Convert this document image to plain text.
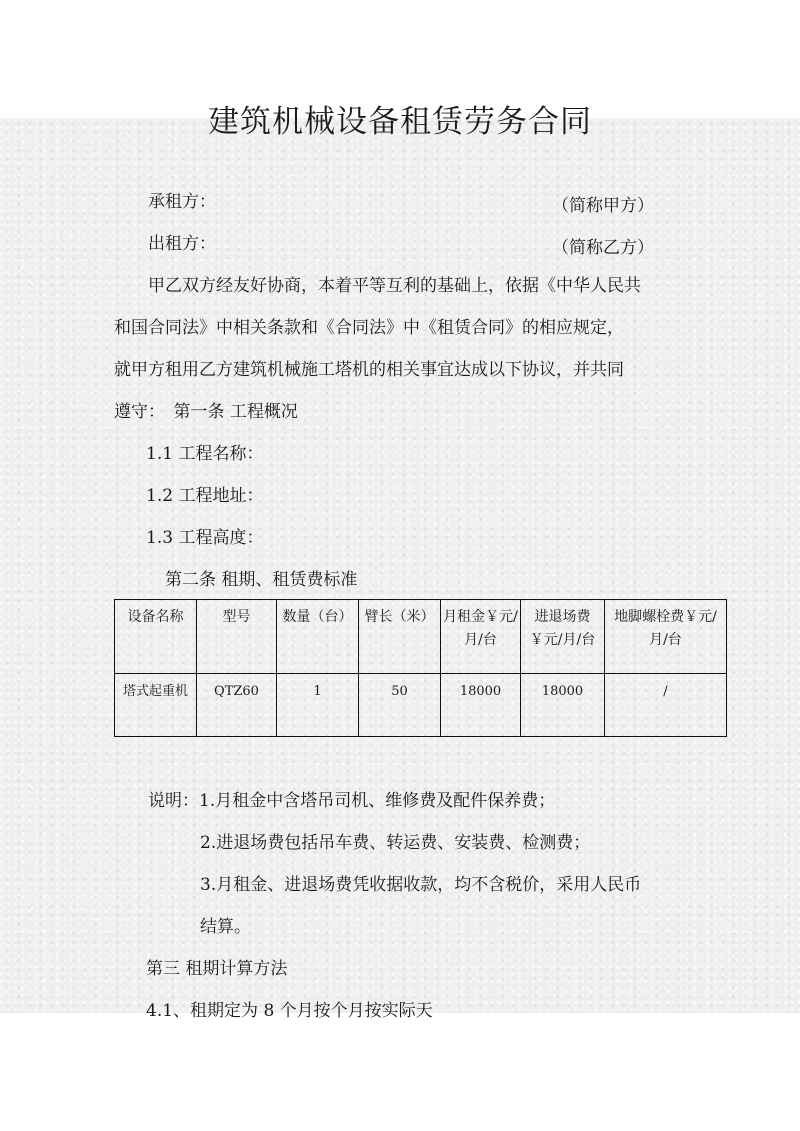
建筑机械设备租赁劳务合同
承租方：	（简称甲方）
出租方：	（简称乙方）
甲乙双方经友好协商，本着平等互利的基础上，依据《中华人民共
和国合同法》中相关条款和《合同法》中《租赁合同》的相应规定，
就甲方租用乙方建筑机械施工塔机的相关事宜达成以下协议，并共同
遵守：　第一条 工程概况
1.1 工程名称：
1.2 工程地址：
1.3 工程高度：
第二条 租期、租赁费标准
设备名称	型号	数量（台）	臂长（米）	月租金￥元/月/台	进退场费￥元/月/台	地脚螺栓费￥元/月/台
塔式起重机	QTZ60	1	50	18000	18000	/
说明：1.月租金中含塔吊司机、维修费及配件保养费；
2.进退场费包括吊车费、转运费、安装费、检测费；
3.月租金、进退场费凭收据收款，均不含税价，采用人民币
结算。
第三 租期计算方法
4.1、租期定为 8 个月按个月按实际天
